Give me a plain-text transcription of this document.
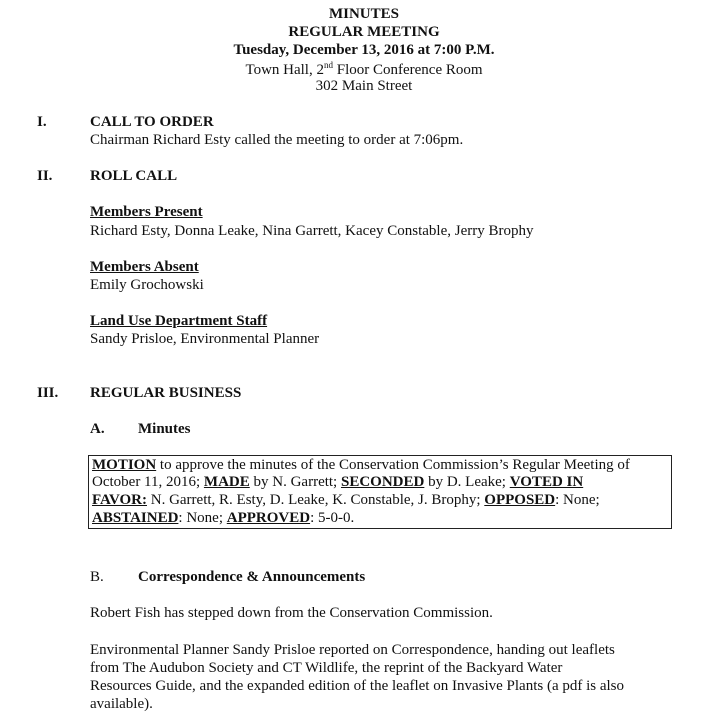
MINUTES
REGULAR MEETING
Tuesday, December 13, 2016 at 7:00 P.M.
Town Hall, 2nd Floor Conference Room
302 Main Street
I.	CALL TO ORDER
Chairman Richard Esty called the meeting to order at 7:06pm.
II.	ROLL CALL
Members Present
Richard Esty, Donna Leake, Nina Garrett, Kacey Constable, Jerry Brophy
Members Absent
Emily Grochowski
Land Use Department Staff
Sandy Prisloe, Environmental Planner
III. REGULAR BUSINESS
A. Minutes
MOTION to approve the minutes of the Conservation Commission’s Regular Meeting of
October 11, 2016; MADE by N. Garrett; SECONDED by D. Leake; VOTED IN
FAVOR: N. Garrett, R. Esty, D. Leake, K. Constable, J. Brophy; OPPOSED: None;
ABSTAINED: None; APPROVED: 5-0-0.
B. Correspondence & Announcements
Robert Fish has stepped down from the Conservation Commission.
Environmental Planner Sandy Prisloe reported on Correspondence, handing out leaflets
from The Audubon Society and CT Wildlife, the reprint of the Backyard Water
Resources Guide, and the expanded edition of the leaflet on Invasive Plants (a pdf is also
available).
